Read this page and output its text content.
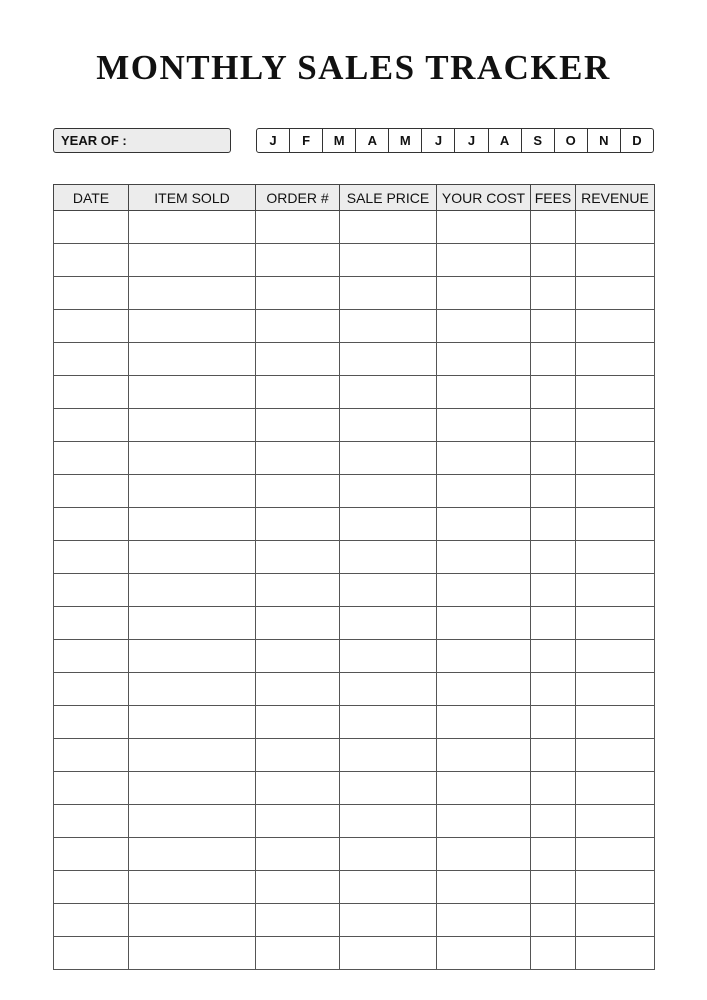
MONTHLY SALES TRACKER
YEAR OF :	J	F	M	A	M	J	J	A	S	O	N	D
DATE	ITEM SOLD	ORDER #	SALE PRICE	YOUR COST	FEES	REVENUE
